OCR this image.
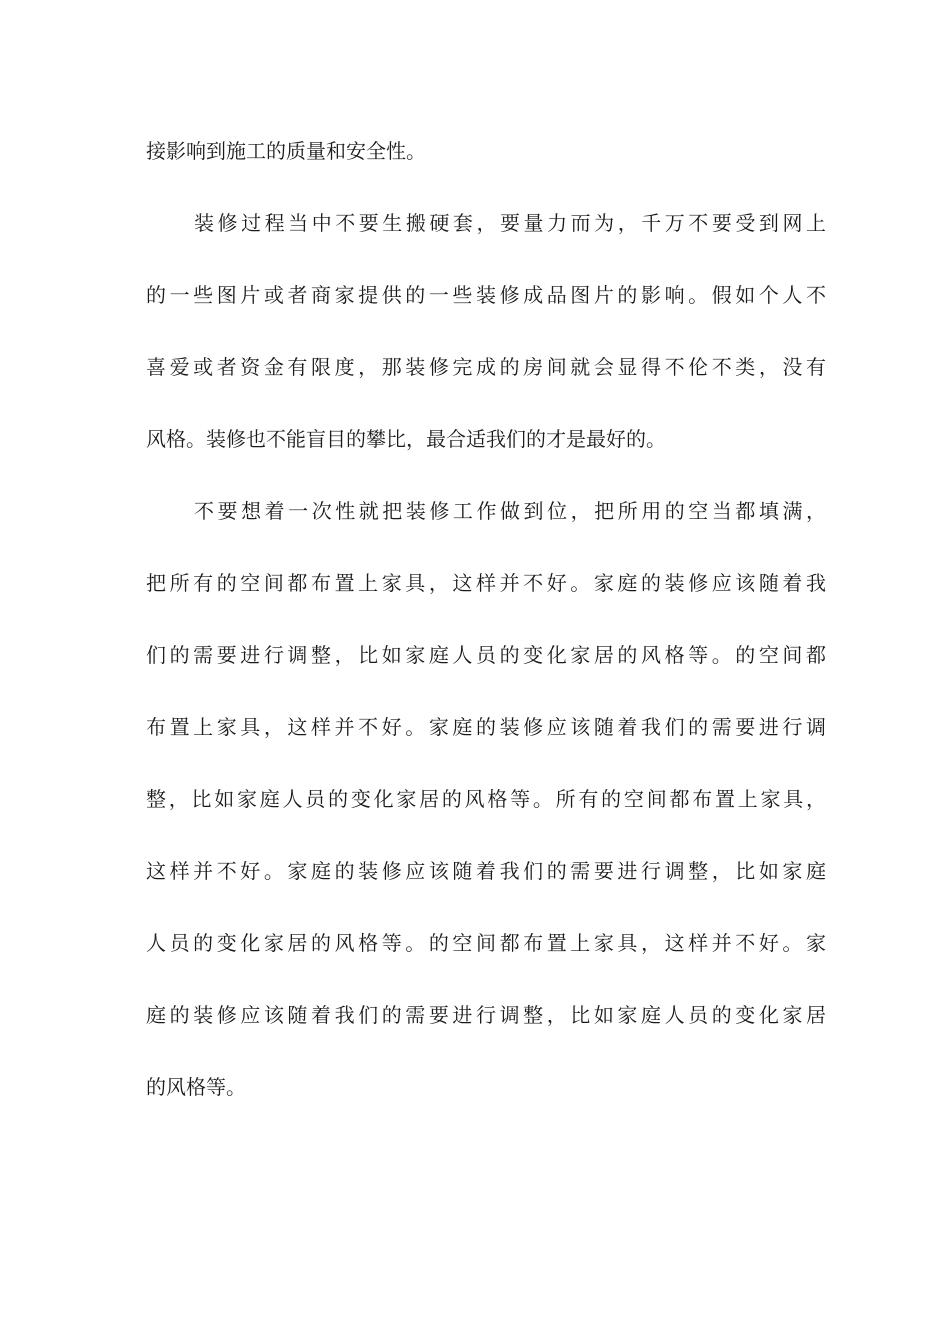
接影响到施工的质量和安全性。
装修过程当中不要生搬硬套，要量力而为，千万不要受到网上
的一些图片或者商家提供的一些装修成品图片的影响。假如个人不
喜爱或者资金有限度，那装修完成的房间就会显得不伦不类，没有
风格。装修也不能盲目的攀比，最合适我们的才是最好的。
不要想着一次性就把装修工作做到位，把所用的空当都填满，
把所有的空间都布置上家具，这样并不好。家庭的装修应该随着我
们的需要进行调整，比如家庭人员的变化家居的风格等。的空间都
布置上家具，这样并不好。家庭的装修应该随着我们的需要进行调
整，比如家庭人员的变化家居的风格等。所有的空间都布置上家具，
这样并不好。家庭的装修应该随着我们的需要进行调整，比如家庭
人员的变化家居的风格等。的空间都布置上家具，这样并不好。家
庭的装修应该随着我们的需要进行调整，比如家庭人员的变化家居
的风格等。
